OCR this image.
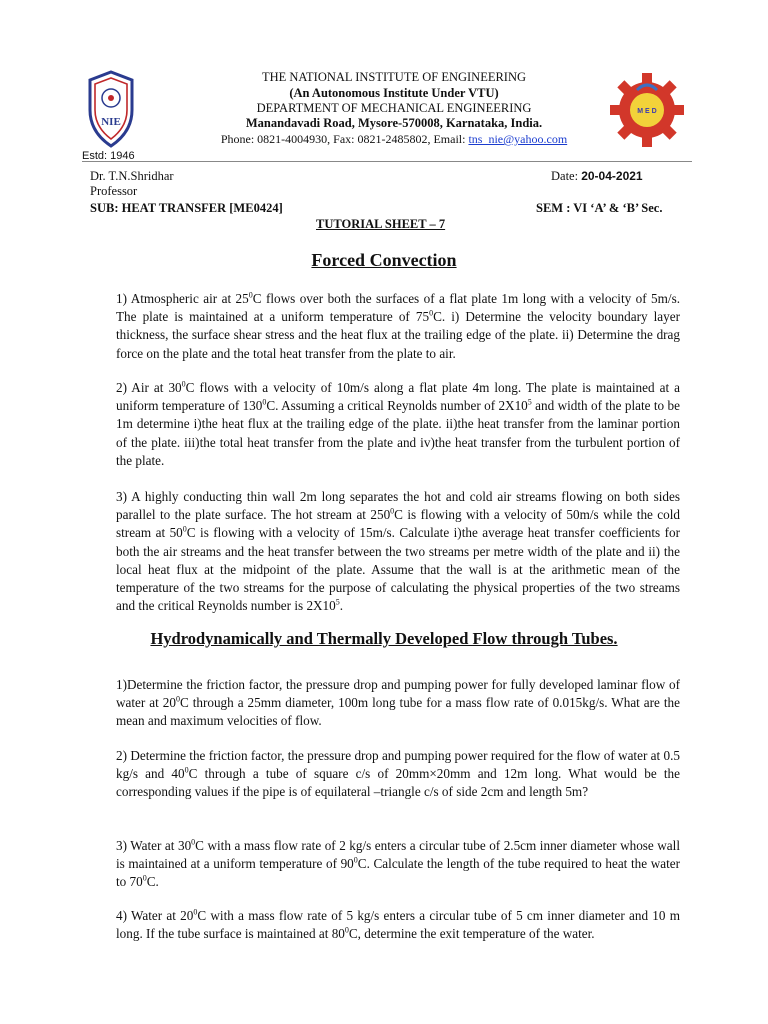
NIE
Estd: 1946
M E D
THE NATIONAL INSTITUTE OF ENGINEERING
(An Autonomous Institute Under VTU)
DEPARTMENT OF MECHANICAL ENGINEERING
Manandavadi Road, Mysore-570008, Karnataka, India.
Phone: 0821-4004930, Fax: 0821-2485802, Email: tns_nie@yahoo.com
Dr. T.N.Shridhar
Professor
Date: 20-04-2021
SUB: HEAT TRANSFER [ME0424]	SEM : VI ‘A’ & ‘B’ Sec.
TUTORIAL SHEET – 7
Forced Convection
1) Atmospheric air at $25^0C$ flows over both the surfaces of a flat plate 1m long with a velocity of 5m/s. The plate is maintained at a uniform temperature of $75^0C$. i) Determine the velocity boundary layer thickness, the surface shear stress and the heat flux at the trailing edge of the plate. ii) Determine the drag force on the plate and the total heat transfer from the plate to air.
2) Air at $30^0C$ flows with a velocity of 10m/s along a flat plate 4m long. The plate is maintained at a uniform temperature of $130^0C$. Assuming a critical Reynolds number of $2X10^5$ and width of the plate to be 1m determine i)the heat flux at the trailing edge of the plate. ii)the heat transfer from the laminar portion of the plate. iii)the total heat transfer from the plate and iv)the heat transfer from the turbulent portion of the plate.
3) A highly conducting thin wall 2m long separates the hot and cold air streams flowing on both sides parallel to the plate surface. The hot stream at $250^0C$ is flowing with a velocity of 50m/s while the cold stream at $50^0C$ is flowing with a velocity of 15m/s. Calculate i)the average heat transfer coefficients for both the air streams and the heat transfer between the two streams per metre width of the plate and ii) the local heat flux at the midpoint of the plate. Assume that the wall is at the arithmetic mean of the temperature of the two streams for the purpose of calculating the physical properties of the two streams and the critical Reynolds number is $2X10^5$.
Hydrodynamically and Thermally Developed Flow through Tubes.
1)Determine the friction factor, the pressure drop and pumping power for fully developed laminar flow of water at $20^0C$ through a 25mm diameter, 100m long tube for a mass flow rate of 0.015kg/s. What are the mean and maximum velocities of flow.
2) Determine the friction factor, the pressure drop and pumping power required for the flow of water at 0.5 kg/s and $40^0C$ through a tube of square c/s of 20mm×20mm and 12m long. What would be the corresponding values if the pipe is of equilateral –triangle c/s of side 2cm and length 5m?
3) Water at $30^0C$ with a mass flow rate of 2 kg/s enters a circular tube of 2.5cm inner diameter whose wall is maintained at a uniform temperature of $90^0C$. Calculate the length of the tube required to heat the water to $70^0C$.
4) Water at $20^0C$ with a mass flow rate of 5 kg/s enters a circular tube of 5 cm inner diameter and 10 m long. If the tube surface is maintained at $80^0C$, determine the exit temperature of the water.
